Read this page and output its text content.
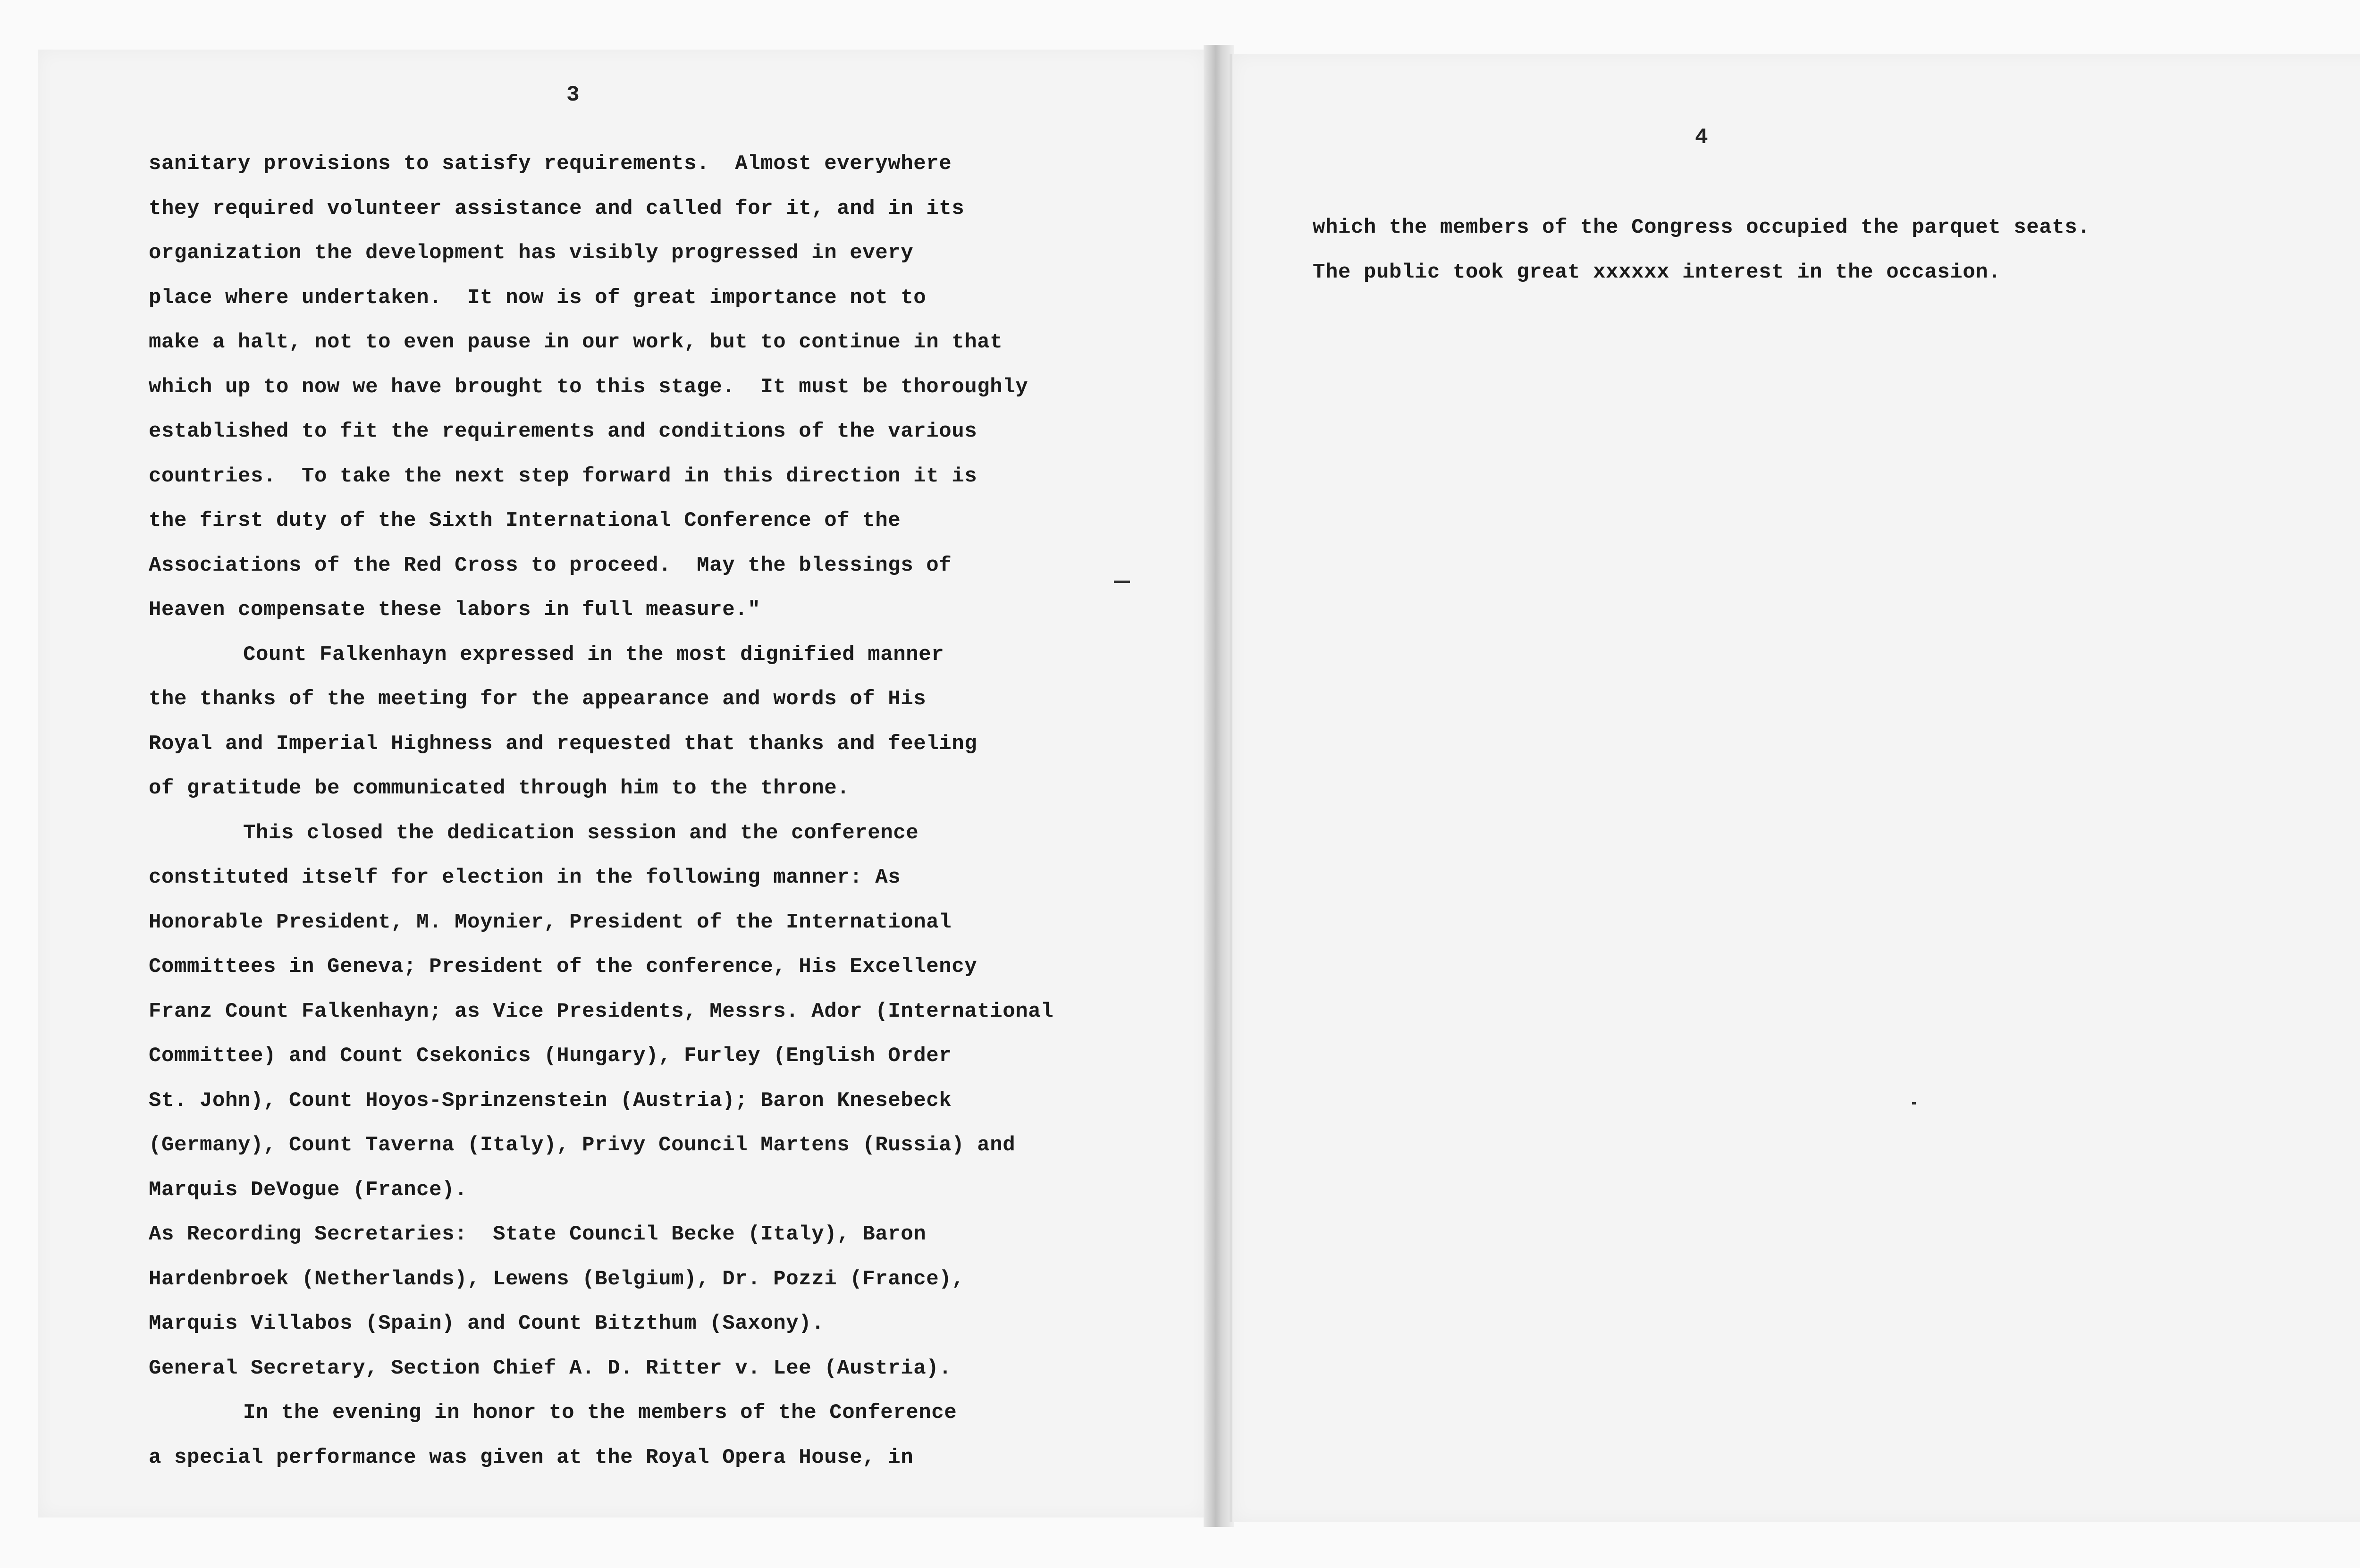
3
sanitary provisions to satisfy requirements.  Almost everywhere
they required volunteer assistance and called for it, and in its
organization the development has visibly progressed in every
place where undertaken.  It now is of great importance not to
make a halt, not to even pause in our work, but to continue in that
which up to now we have brought to this stage.  It must be thoroughly
established to fit the requirements and conditions of the various
countries.  To take the next step forward in this direction it is
the first duty of the Sixth International Conference of the
Associations of the Red Cross to proceed.  May the blessings of
Heaven compensate these labors in full measure."
Count Falkenhayn expressed in the most dignified manner
the thanks of the meeting for the appearance and words of His
Royal and Imperial Highness and requested that thanks and feeling
of gratitude be communicated through him to the throne.
This closed the dedication session and the conference
constituted itself for election in the following manner: As
Honorable President, M. Moynier, President of the International
Committees in Geneva; President of the conference, His Excellency
Franz Count Falkenhayn; as Vice Presidents, Messrs. Ador (International
Committee) and Count Csekonics (Hungary), Furley (English Order
St. John), Count Hoyos-Sprinzenstein (Austria); Baron Knesebeck
(Germany), Count Taverna (Italy), Privy Council Martens (Russia) and
Marquis DeVogue (France).
As Recording Secretaries:  State Council Becke (Italy), Baron
Hardenbroek (Netherlands), Lewens (Belgium), Dr. Pozzi (France),
Marquis Villabos (Spain) and Count Bitzthum (Saxony).
General Secretary, Section Chief A. D. Ritter v. Lee (Austria).
In the evening in honor to the members of the Conference
a special performance was given at the Royal Opera House, in
4
which the members of the Congress occupied the parquet seats.
The public took great xxxxxx interest in the occasion.
